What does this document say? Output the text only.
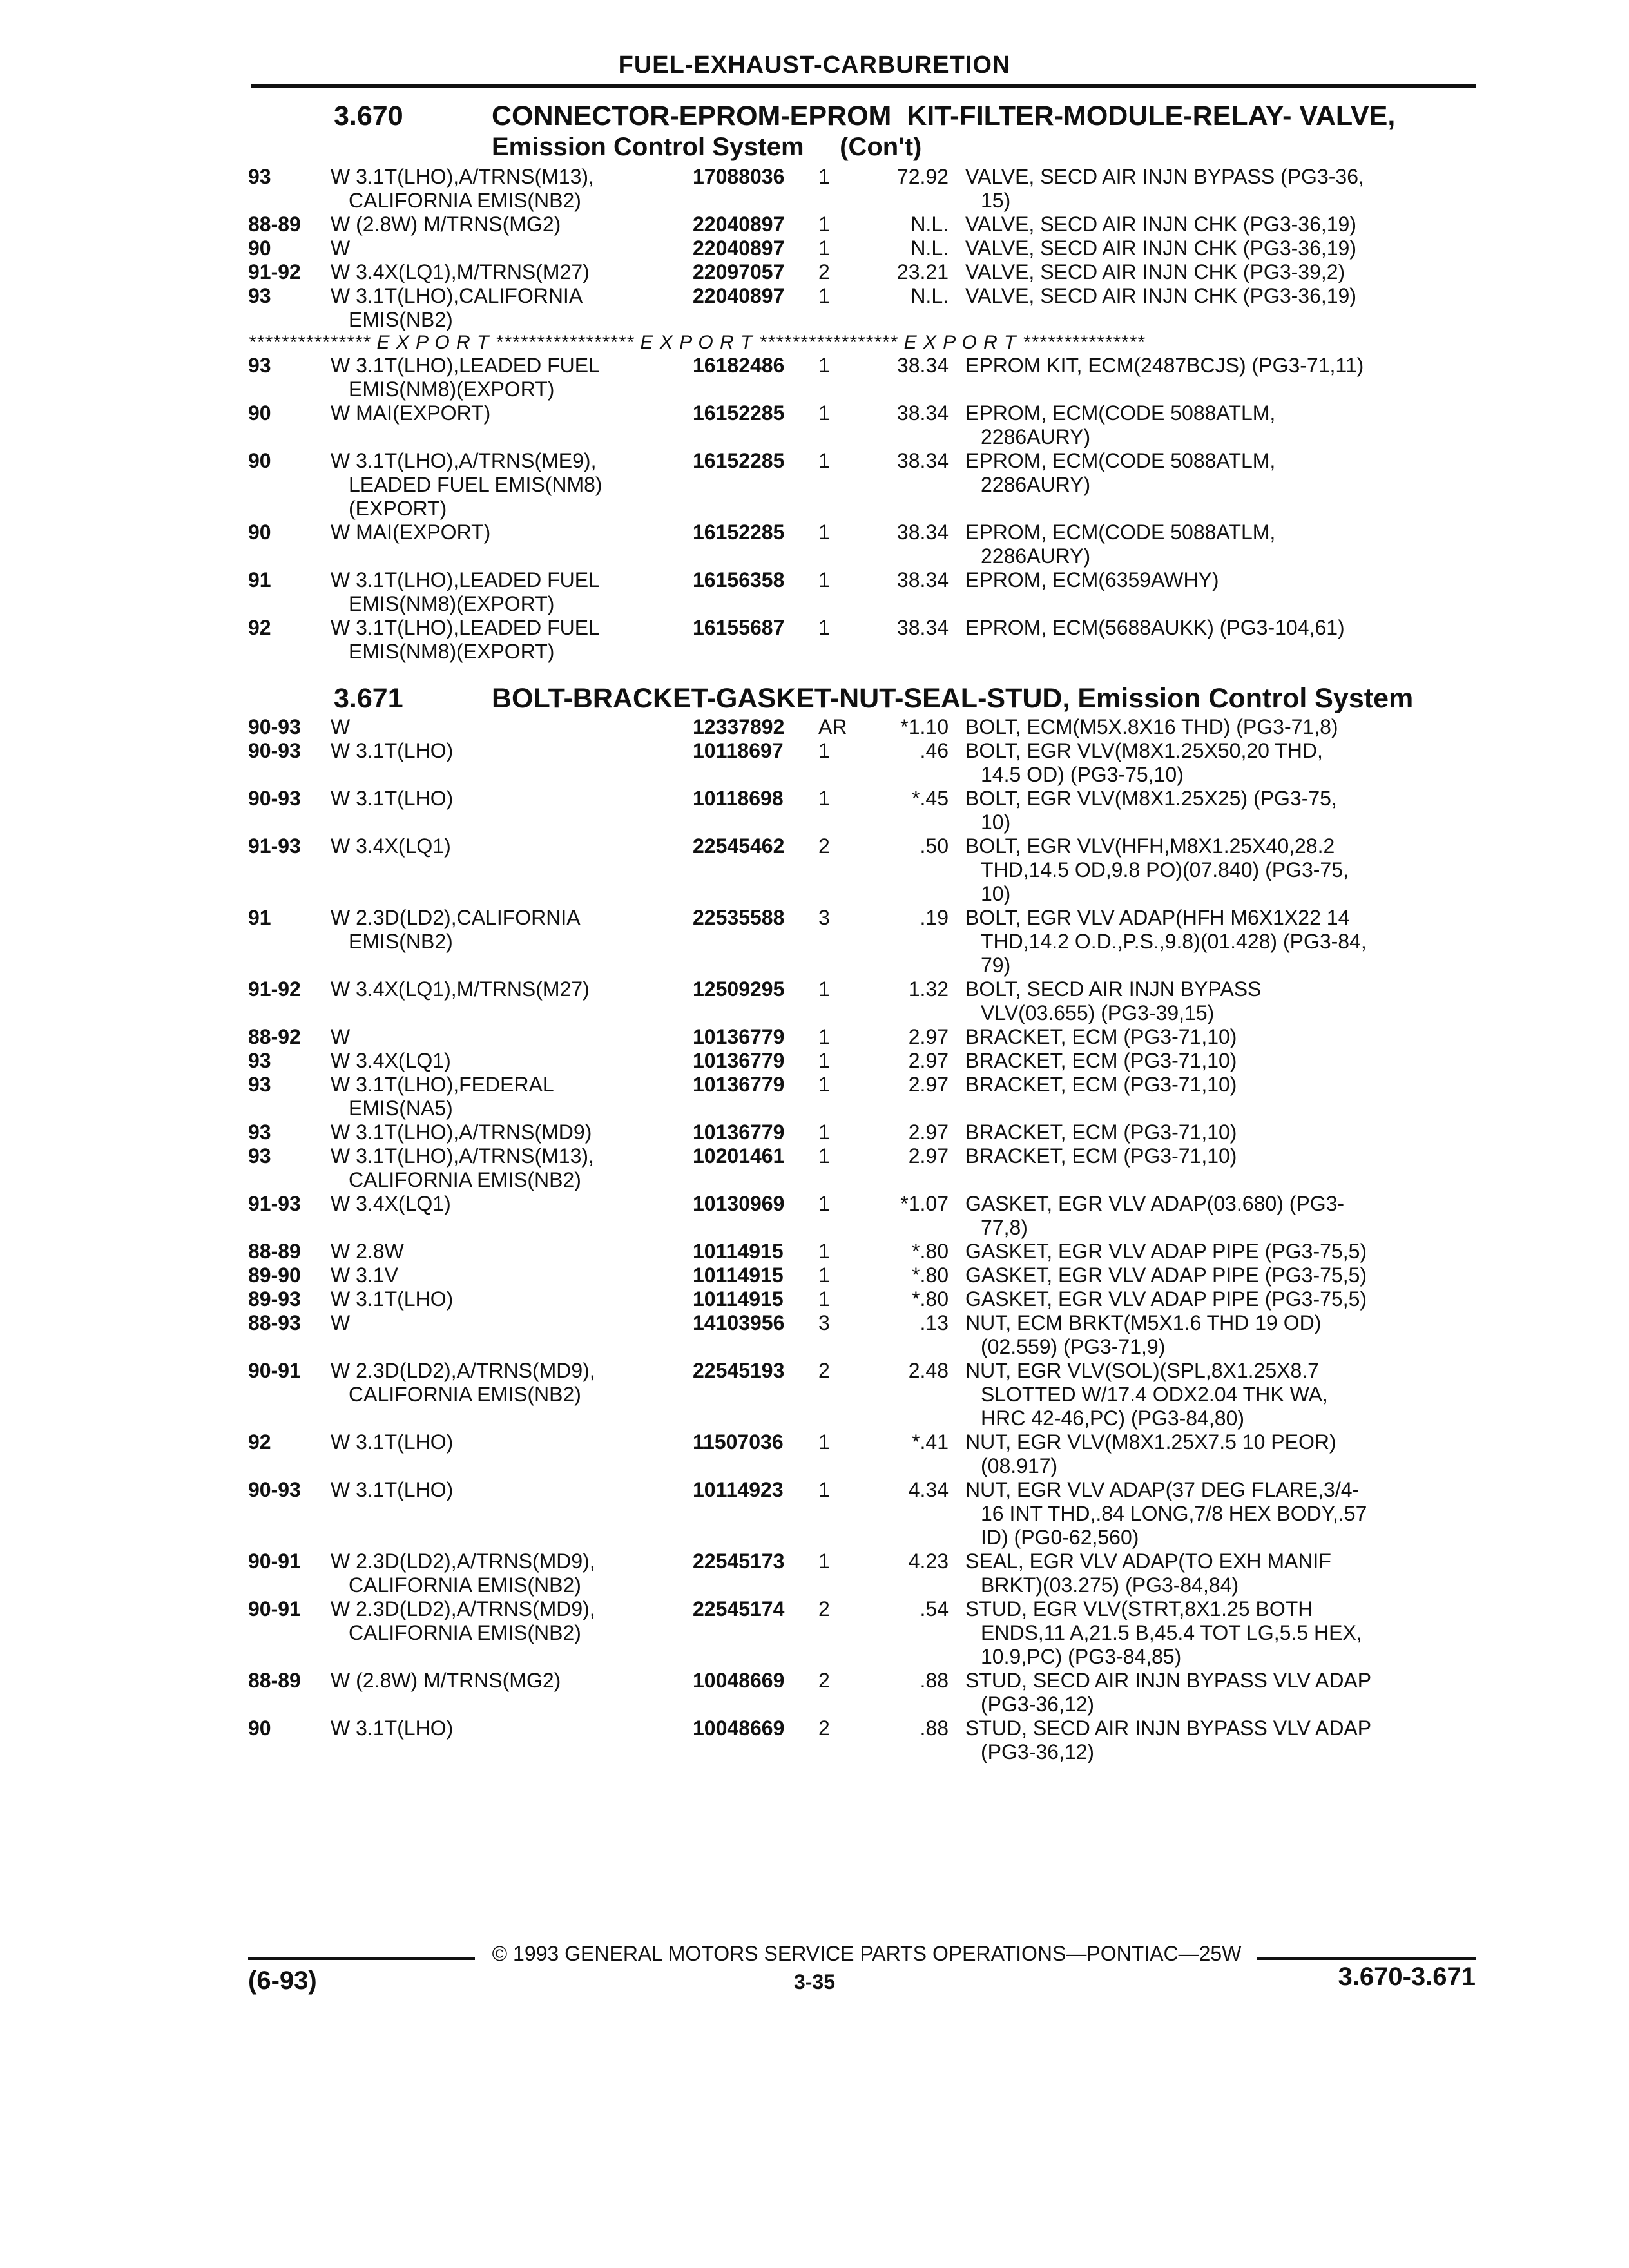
FUEL-EXHAUST-CARBURETION
3.670	CONNECTOR-EPROM-EPROM  KIT-FILTER-MODULE-RELAY- VALVE,
Emission Control System     (Con't)
93	W 3.1T(LHO),A/TRNS(M13),
CALIFORNIA EMIS(NB2)
17088036	1	72.92 VALVE, SECD AIR INJN BYPASS (PG3-36,
15)
88-89	W (2.8W) M/TRNS(MG2)	22040897	1	N.L. VALVE, SECD AIR INJN CHK (PG3-36,19)
90	W	22040897	1	N.L. VALVE, SECD AIR INJN CHK (PG3-36,19)
91-92	W 3.4X(LQ1),M/TRNS(M27)	22097057	2	23.21 VALVE, SECD AIR INJN CHK (PG3-39,2)
93	W 3.1T(LHO),CALIFORNIA
EMIS(NB2)
22040897	1	N.L. VALVE, SECD AIR INJN CHK (PG3-36,19)
*************** E X P O R T ***************** E X P O R T ***************** E X P O R T ***************
93	W 3.1T(LHO),LEADED FUEL
EMIS(NM8)(EXPORT)
16182486	1	38.34 EPROM KIT, ECM(2487BCJS) (PG3-71,11)
90	W MAI(EXPORT)	16152285	1	38.34 EPROM, ECM(CODE 5088ATLM,
2286AURY)
90	W 3.1T(LHO),A/TRNS(ME9),
LEADED FUEL EMIS(NM8)
(EXPORT)
16152285	1	38.34 EPROM, ECM(CODE 5088ATLM,
2286AURY)
90	W MAI(EXPORT)	16152285	1	38.34 EPROM, ECM(CODE 5088ATLM,
2286AURY)
91	W 3.1T(LHO),LEADED FUEL
EMIS(NM8)(EXPORT)
16156358	1	38.34 EPROM, ECM(6359AWHY)
92	W 3.1T(LHO),LEADED FUEL
EMIS(NM8)(EXPORT)
16155687	1	38.34 EPROM, ECM(5688AUKK) (PG3-104,61)
3.671	BOLT-BRACKET-GASKET-NUT-SEAL-STUD, Emission Control System
90-93	W	12337892	AR	*1.10 BOLT, ECM(M5X.8X16 THD) (PG3-71,8)
90-93	W 3.1T(LHO)	10118697	1	.46 BOLT, EGR VLV(M8X1.25X50,20 THD,
14.5 OD) (PG3-75,10)
90-93	W 3.1T(LHO)	10118698	1	*.45 BOLT, EGR VLV(M8X1.25X25) (PG3-75,
10)
91-93	W 3.4X(LQ1)	22545462	2	.50 BOLT, EGR VLV(HFH,M8X1.25X40,28.2
THD,14.5 OD,9.8 PO)(07.840) (PG3-75,
10)
91	W 2.3D(LD2),CALIFORNIA
EMIS(NB2)
22535588	3	.19 BOLT, EGR VLV ADAP(HFH M6X1X22 14
THD,14.2 O.D.,P.S.,9.8)(01.428) (PG3-84,
79)
91-92	W 3.4X(LQ1),M/TRNS(M27)	12509295	1	1.32 BOLT, SECD AIR INJN BYPASS
VLV(03.655) (PG3-39,15)
88-92	W	10136779	1	2.97 BRACKET, ECM (PG3-71,10)
93	W 3.4X(LQ1)	10136779	1	2.97 BRACKET, ECM (PG3-71,10)
93	W 3.1T(LHO),FEDERAL
EMIS(NA5)
10136779	1	2.97 BRACKET, ECM (PG3-71,10)
93	W 3.1T(LHO),A/TRNS(MD9)	10136779	1	2.97 BRACKET, ECM (PG3-71,10)
93	W 3.1T(LHO),A/TRNS(M13),
CALIFORNIA EMIS(NB2)
10201461	1	2.97 BRACKET, ECM (PG3-71,10)
91-93	W 3.4X(LQ1)	10130969	1	*1.07 GASKET, EGR VLV ADAP(03.680) (PG3-
77,8)
88-89	W 2.8W	10114915	1	*.80 GASKET, EGR VLV ADAP PIPE (PG3-75,5)
89-90	W 3.1V	10114915	1	*.80 GASKET, EGR VLV ADAP PIPE (PG3-75,5)
89-93	W 3.1T(LHO)	10114915	1	*.80 GASKET, EGR VLV ADAP PIPE (PG3-75,5)
88-93	W	14103956	3	.13 NUT, ECM BRKT(M5X1.6 THD 19 OD)
(02.559) (PG3-71,9)
90-91	W 2.3D(LD2),A/TRNS(MD9),
CALIFORNIA EMIS(NB2)
22545193	2	2.48 NUT, EGR VLV(SOL)(SPL,8X1.25X8.7
SLOTTED W/17.4 ODX2.04 THK WA,
HRC 42-46,PC) (PG3-84,80)
92	W 3.1T(LHO)	11507036	1	*.41 NUT, EGR VLV(M8X1.25X7.5 10 PEOR)
(08.917)
90-93	W 3.1T(LHO)	10114923	1	4.34 NUT, EGR VLV ADAP(37 DEG FLARE,3/4-
16 INT THD,.84 LONG,7/8 HEX BODY,.57
ID) (PG0-62,560)
90-91	W 2.3D(LD2),A/TRNS(MD9),
CALIFORNIA EMIS(NB2)
22545173	1	4.23 SEAL, EGR VLV ADAP(TO EXH MANIF
BRKT)(03.275) (PG3-84,84)
90-91	W 2.3D(LD2),A/TRNS(MD9),
CALIFORNIA EMIS(NB2)
22545174	2	.54 STUD, EGR VLV(STRT,8X1.25 BOTH
ENDS,11 A,21.5 B,45.4 TOT LG,5.5 HEX,
10.9,PC) (PG3-84,85)
88-89	W (2.8W) M/TRNS(MG2)	10048669	2	.88 STUD, SECD AIR INJN BYPASS VLV ADAP
(PG3-36,12)
90	W 3.1T(LHO)	10048669	2	.88 STUD, SECD AIR INJN BYPASS VLV ADAP
(PG3-36,12)
© 1993 GENERAL MOTORS SERVICE PARTS OPERATIONS—PONTIAC—25W
(6-93)	3-35	3.670-3.671
